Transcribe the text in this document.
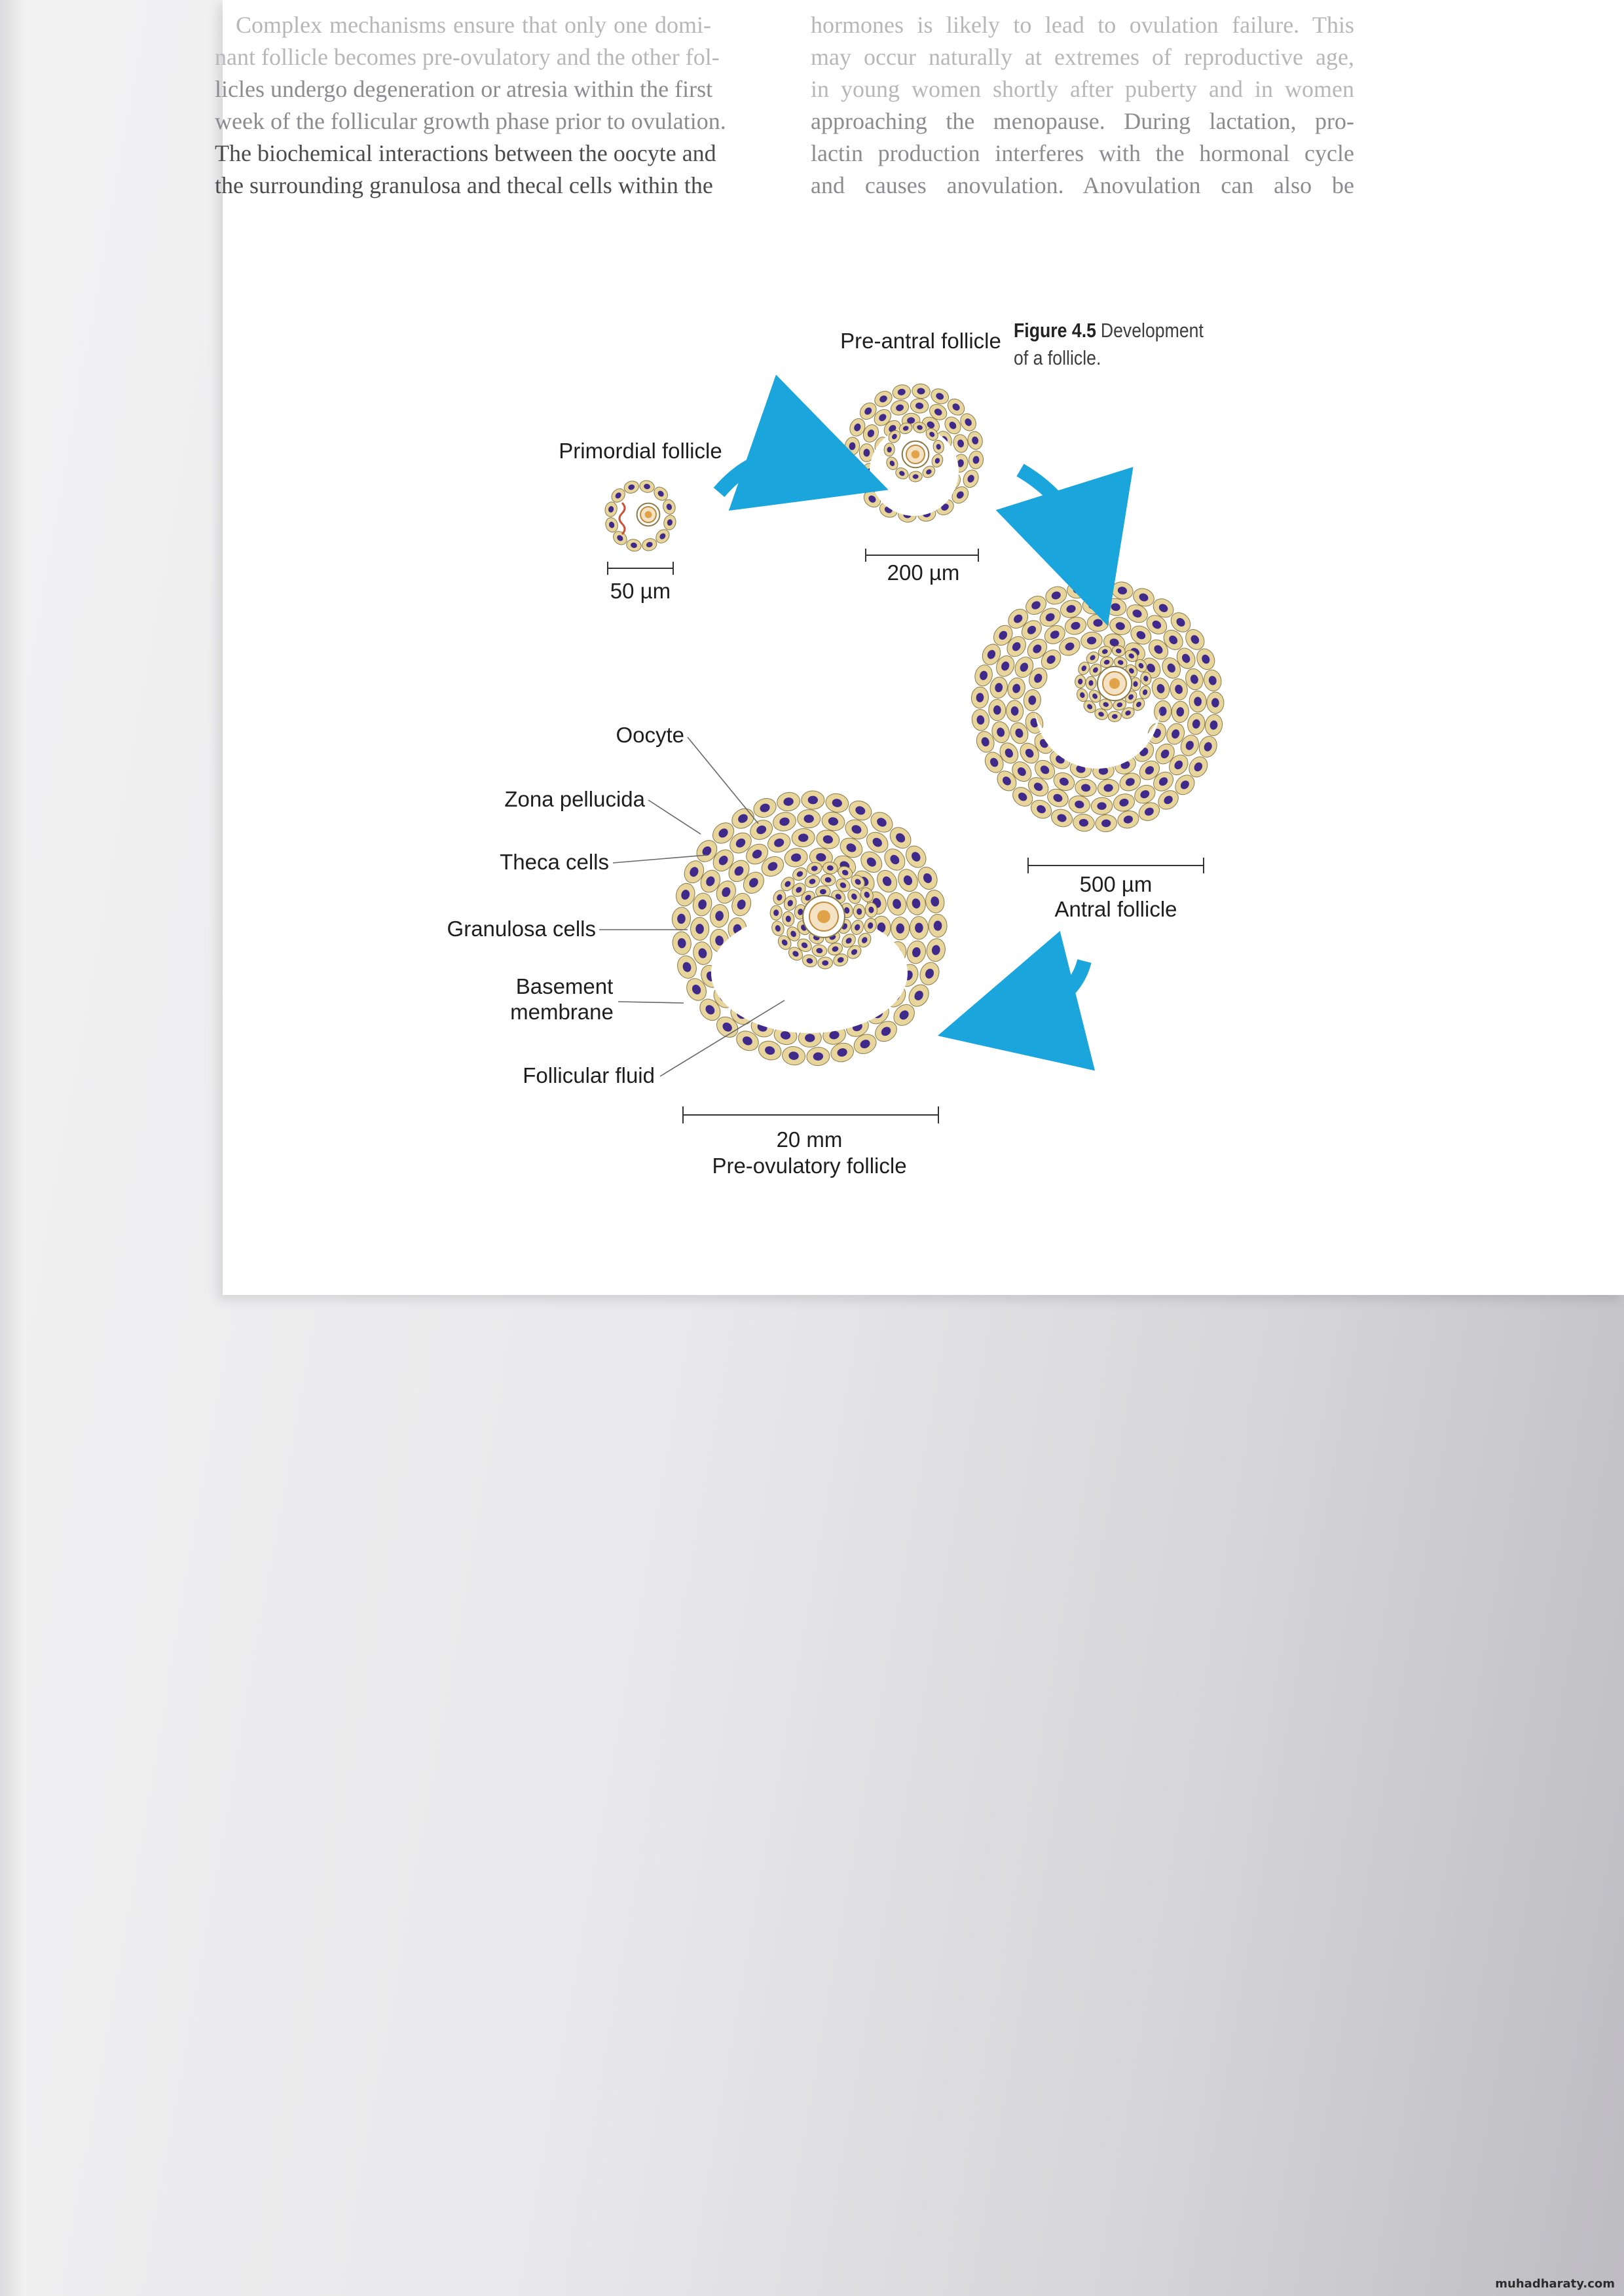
Complex mechanisms ensure that only one domi-
nant follicle becomes pre-ovulatory and the other fol-
licles undergo degeneration or atresia within the first
week of the follicular growth phase prior to ovulation.
The biochemical interactions between the oocyte and
the surrounding granulosa and thecal cells within the
hormones is likely to lead to ovulation failure. This
may occur naturally at extremes of reproductive age,
in young women shortly after puberty and in women
approaching the menopause. During lactation, pro-
lactin production interferes with the hormonal cycle
and causes anovulation. Anovulation can also be
Figure 4.5 Development
of a follicle.
Primordial follicle
Pre-antral follicle
50 µm
200 µm
500 µm
Antral follicle
20 mm
Pre-ovulatory follicle
Oocyte
Zona pellucida
Theca cells
Granulosa cells
Basement
membrane
Follicular fluid
muhadharaty.com
